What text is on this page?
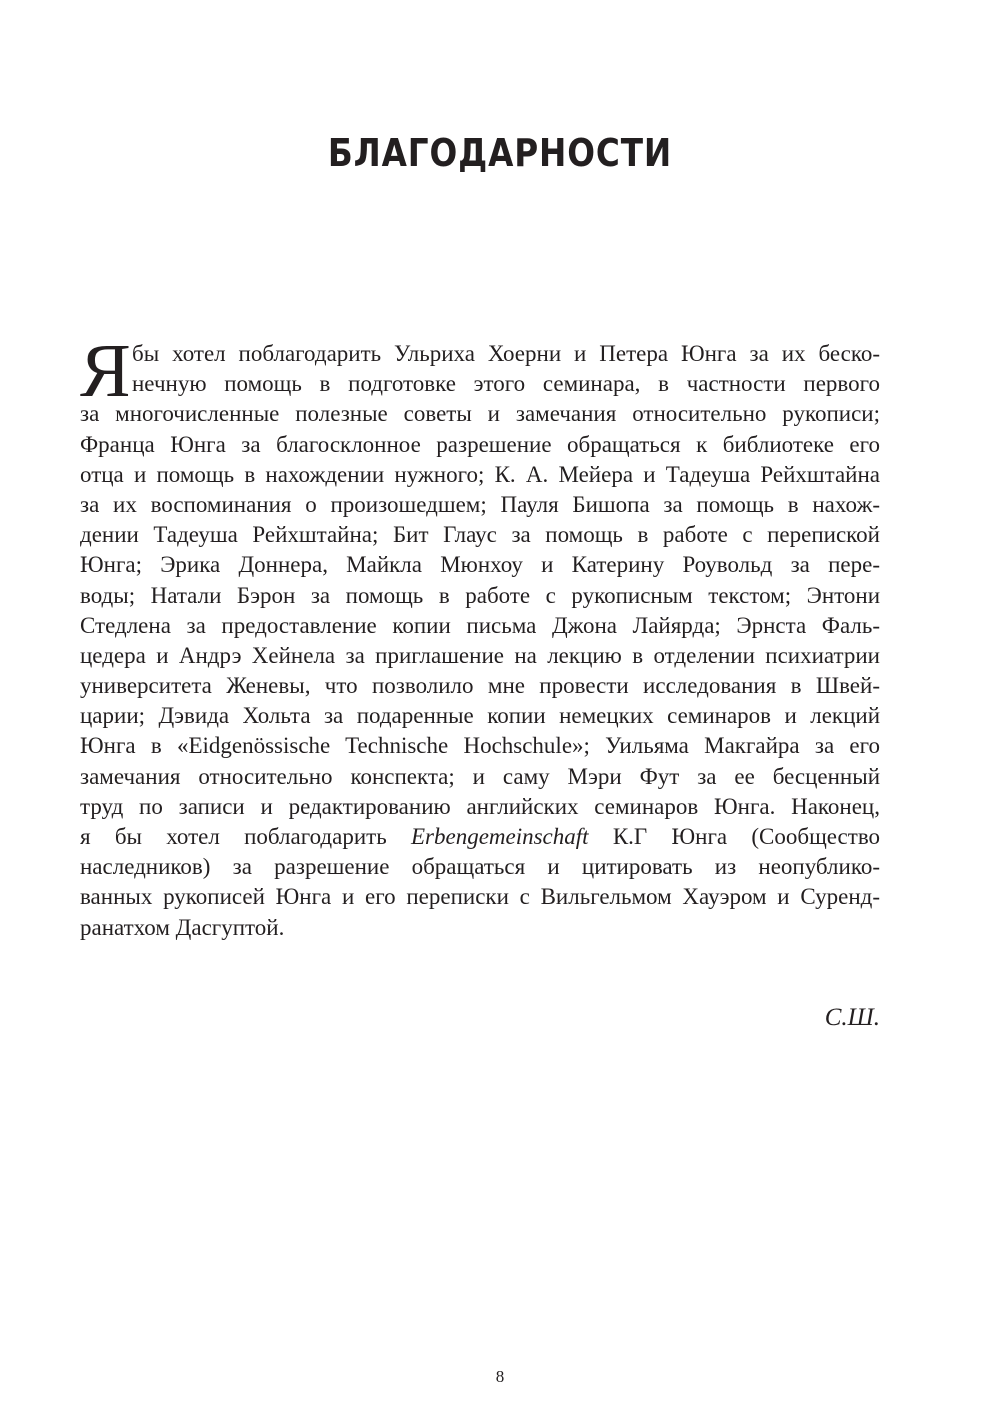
БЛАГОДАРНОСТИ
Я бы хотел поблагодарить Ульриха Хоерни и Петера Юнга за их беско-
нечную помощь в подготовке этого семинара, в частности первого
за многочисленные полезные советы и замечания относительно рукописи;
Франца Юнга за благосклонное разрешение обращаться к библиотеке его
отца и помощь в нахождении нужного; К. А. Мейера и Тадеуша Рейхштайна
за их воспоминания о произошедшем; Пауля Бишопа за помощь в нахож-
дении Тадеуша Рейхштайна; Бит Глаус за помощь в работе с перепиской
Юнга; Эрика Доннера, Майкла Мюнхоу и Катерину Роувольд за пере-
воды; Натали Бэрон за помощь в работе с рукописным текстом; Энтони
Стедлена за предоставление копии письма Джона Лайярда; Эрнста Фаль-
цедера и Андрэ Хейнела за приглашение на лекцию в отделении психиатрии
университета Женевы, что позволило мне провести исследования в Швей-
царии; Дэвида Хольта за подаренные копии немецких семинаров и лекций
Юнга в «Eidgenössische Technische Hochschule»; Уильяма Макгайра за его
замечания относительно конспекта; и саму Мэри Фут за ее бесценный
труд по записи и редактированию английских семинаров Юнга. Наконец,
я бы хотел поблагодарить Erbengemeinschaft К.Г Юнга (Сообщество
наследников) за разрешение обращаться и цитировать из неопублико-
ванных рукописей Юнга и его переписки с Вильгельмом Хауэром и Суренд-
ранатхом Дасгуптой.

С.Ш.

8
